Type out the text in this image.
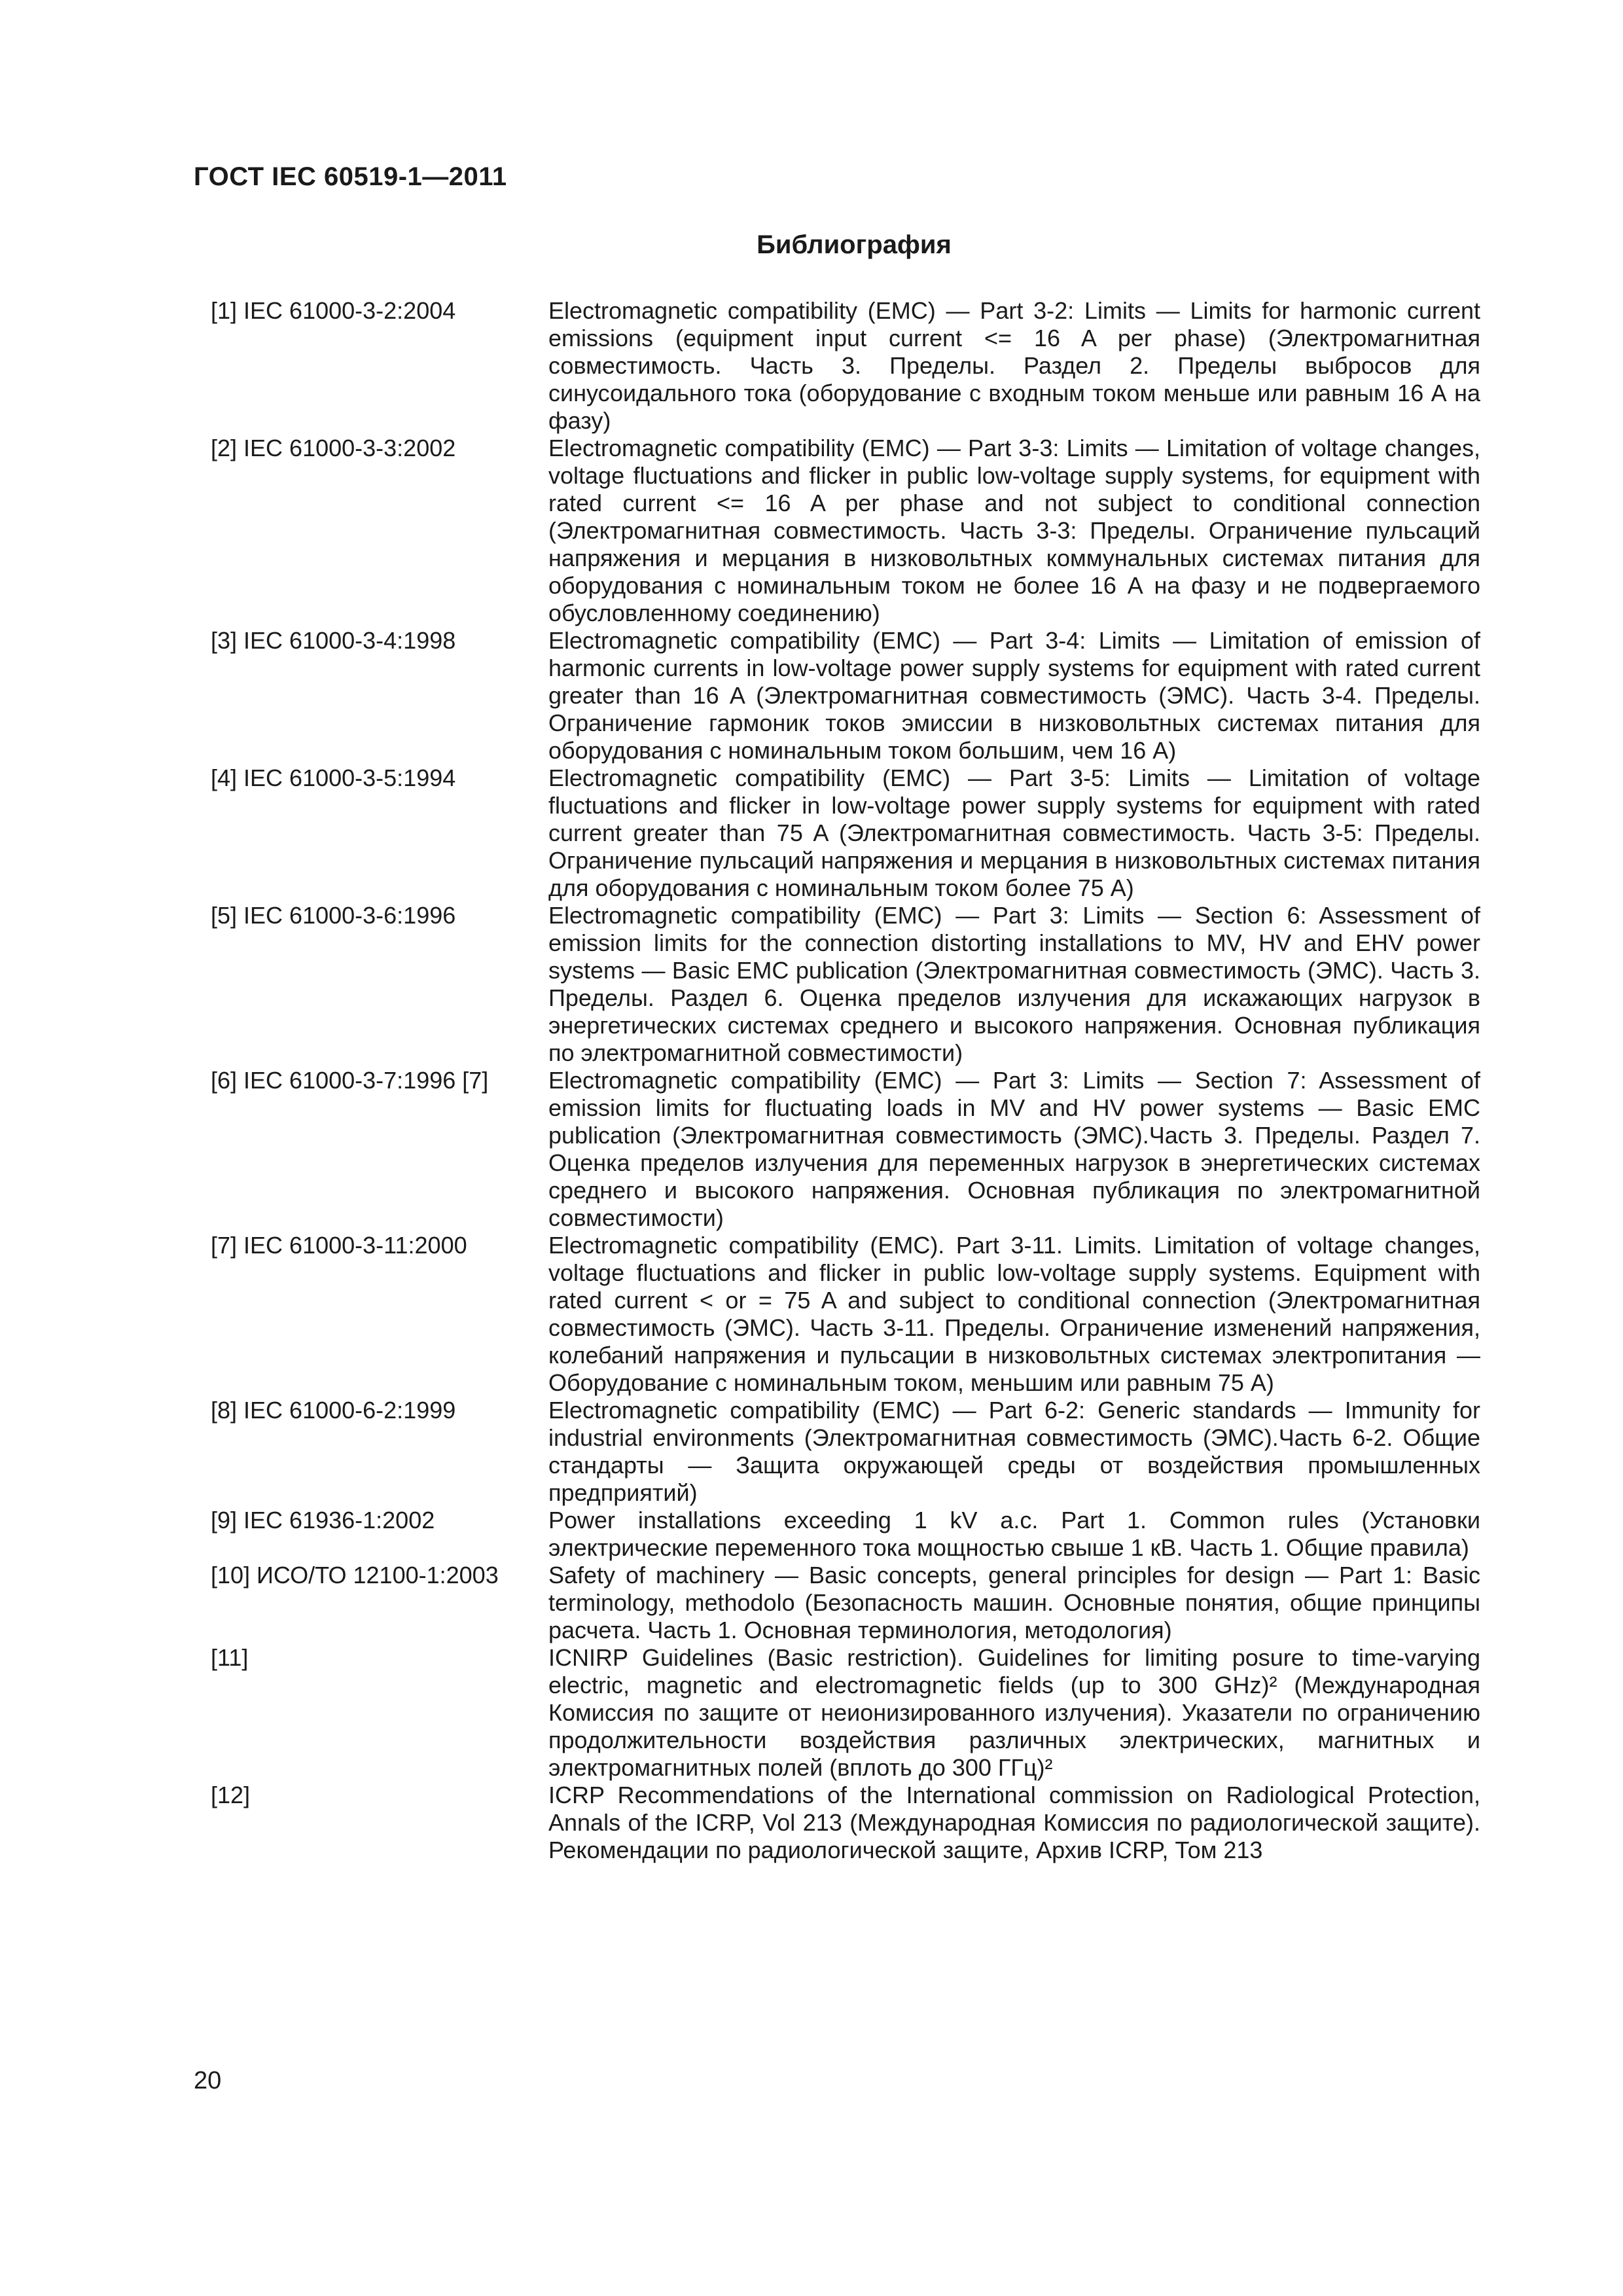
ГОСТ IEC 60519-1—2011
Библиография
[1] IEC 61000-3-2:2004	Electromagnetic compatibility (EMC) — Part 3-2: Limits — Limits for harmonic current emissions (equipment input current <= 16 A per phase) (Электромагнитная совместимость. Часть 3. Пределы. Раздел 2. Пределы выбросов для синусоидального тока (оборудование с входным током меньше или равным 16 А на фазу)
[2] IEC 61000-3-3:2002	Electromagnetic compatibility (EMC) — Part 3-3: Limits — Limitation of voltage changes, voltage fluctuations and flicker in public low-voltage supply systems, for equipment with rated current <= 16 A per phase and not subject to conditional connection (Электромагнитная совместимость. Часть 3-3: Пределы. Ограничение пульсаций напряжения и мерцания в низковольтных коммунальных системах питания для оборудования с номинальным током не более 16 А на фазу и не подвергаемого обусловленному соединению)
[3] IEC 61000-3-4:1998	Electromagnetic compatibility (EMC) — Part 3-4: Limits — Limitation of emission of harmonic currents in low-voltage power supply systems for equipment with rated current greater than 16 A (Электромагнитная совместимость (ЭМС). Часть 3-4. Пределы. Ограничение гармоник токов эмиссии в низковольтных системах питания для оборудования с номинальным током большим, чем 16 А)
[4] IEC 61000-3-5:1994	Electromagnetic compatibility (EMC) — Part 3-5: Limits — Limitation of voltage fluctuations and flicker in low-voltage power supply systems for equipment with rated current greater than 75 A (Электромагнитная совместимость. Часть 3-5: Пределы. Ограничение пульсаций напряжения и мерцания в низковольтных системах питания для оборудования с номинальным током более 75 А)
[5] IEC 61000-3-6:1996	Electromagnetic compatibility (EMC) — Part 3: Limits — Section 6: Assessment of emission limits for the connection distorting installations to MV, HV and EHV power systems — Basic EMC publication (Электромагнитная совместимость (ЭМС). Часть 3. Пределы. Раздел 6. Оценка пределов излучения для искажающих нагрузок в энергетических системах среднего и высокого напряжения. Основная публикация по электромагнитной совместимости)
[6] IEC 61000-3-7:1996 [7]	Electromagnetic compatibility (EMC) — Part 3: Limits — Section 7: Assessment of emission limits for fluctuating loads in MV and HV power systems — Basic EMC publication (Электромагнитная совместимость (ЭМС).Часть 3. Пределы. Раздел 7. Оценка пределов излучения для переменных нагрузок в энергетических системах среднего и высокого напряжения. Основная публикация по электромагнитной совместимости)
[7] IEC 61000-3-11:2000	Electromagnetic compatibility (EMC). Part 3-11. Limits. Limitation of voltage changes, voltage fluctuations and flicker in public low-voltage supply systems. Equipment with rated current < or = 75 A and subject to conditional connection (Электромагнитная совместимость (ЭМС). Часть 3-11. Пределы. Ограничение изменений напряжения, колебаний напряжения и пульсации в низковольтных системах электропитания — Оборудование с номинальным током, меньшим или равным 75 А)
[8] IEC 61000-6-2:1999	Electromagnetic compatibility (EMC) — Part 6-2: Generic standards — Immunity for industrial environments (Электромагнитная совместимость (ЭМС).Часть 6-2. Общие стандарты — Защита окружающей среды от воздействия промышленных предприятий)
[9] IEC 61936-1:2002	Power installations exceeding 1 kV a.c. Part 1. Common rules (Установки электрические переменного тока мощностью свыше 1 кВ. Часть 1. Общие правила)
[10] ИСО/ТО 12100-1:2003	Safety of machinery — Basic concepts, general principles for design — Part 1: Basic terminology, methodolo (Безопасность машин. Основные понятия, общие принципы расчета. Часть 1. Основная терминология, методология)
[11]	ICNIRP Guidelines (Basic restriction). Guidelines for limiting posure to time-varying electric, magnetic and electromagnetic fields (up to 300 GHz)² (Международная Комиссия по защите от неионизированного излучения). Указатели по ограничению продолжительности воздействия различных электрических, магнитных и электромагнитных полей (вплоть до 300 ГГц)²
[12]	ICRP Recommendations of the International commission on Radiological Protection, Annals of the ICRP, Vol 213 (Международная Комиссия по радиологической защите). Рекомендации по радиологической защите, Архив ICRP, Том 213
20
